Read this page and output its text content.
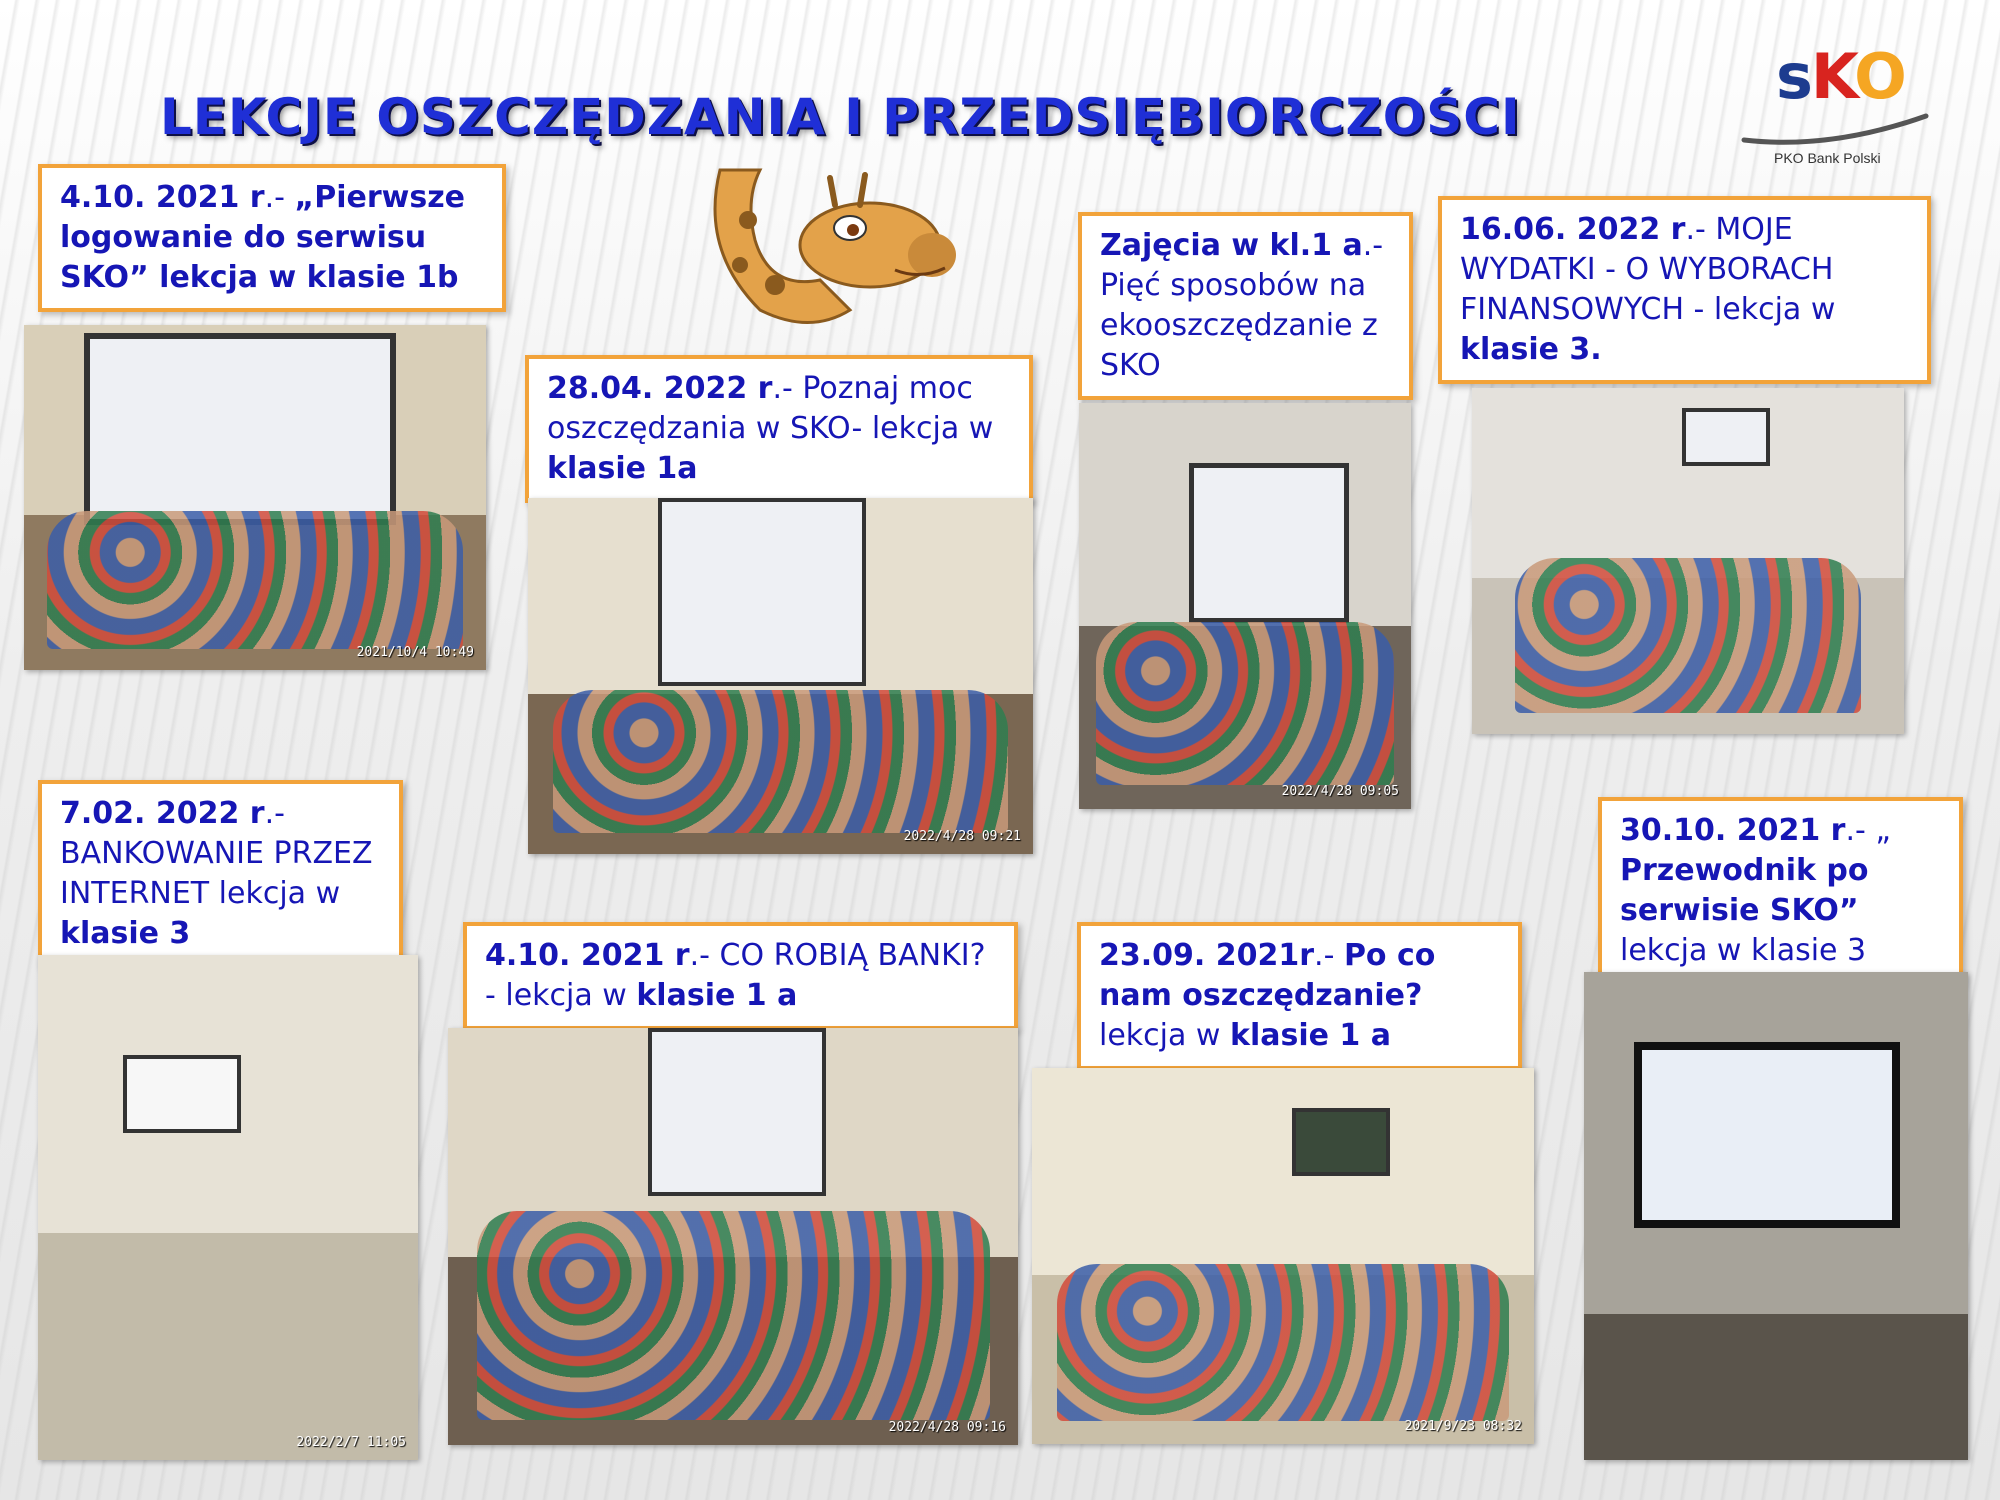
LEKCJE OSZCZĘDZANIA I PRZEDSIĘBIORCZOŚCI
sKO
PKO Bank Polski
4.10. 2021 r.- „Pierwsze logowanie do serwisu SKO” lekcja w klasie 1b
2021/10/4 10:49
28.04. 2022 r.- Poznaj moc oszczędzania w SKO- lekcja w klasie 1a
2022/4/28 09:21
Zajęcia w kl.1 a.- Pięć sposobów na ekooszczędzanie z SKO
2022/4/28 09:05
16.06. 2022 r.- MOJE WYDATKI - O WYBORACH FINANSOWYCH - lekcja w klasie 3.
7.02. 2022 r.- BANKOWANIE PRZEZ INTERNET lekcja w klasie 3
2022/2/7 11:05
4.10. 2021 r.- CO ROBIĄ BANKI? - lekcja w klasie 1 a
2022/4/28 09:16
23.09. 2021r.- Po co nam oszczędzanie? lekcja w klasie 1 a
2021/9/23 08:32
30.10. 2021 r.- „ Przewodnik po serwisie SKO” lekcja w klasie 3
